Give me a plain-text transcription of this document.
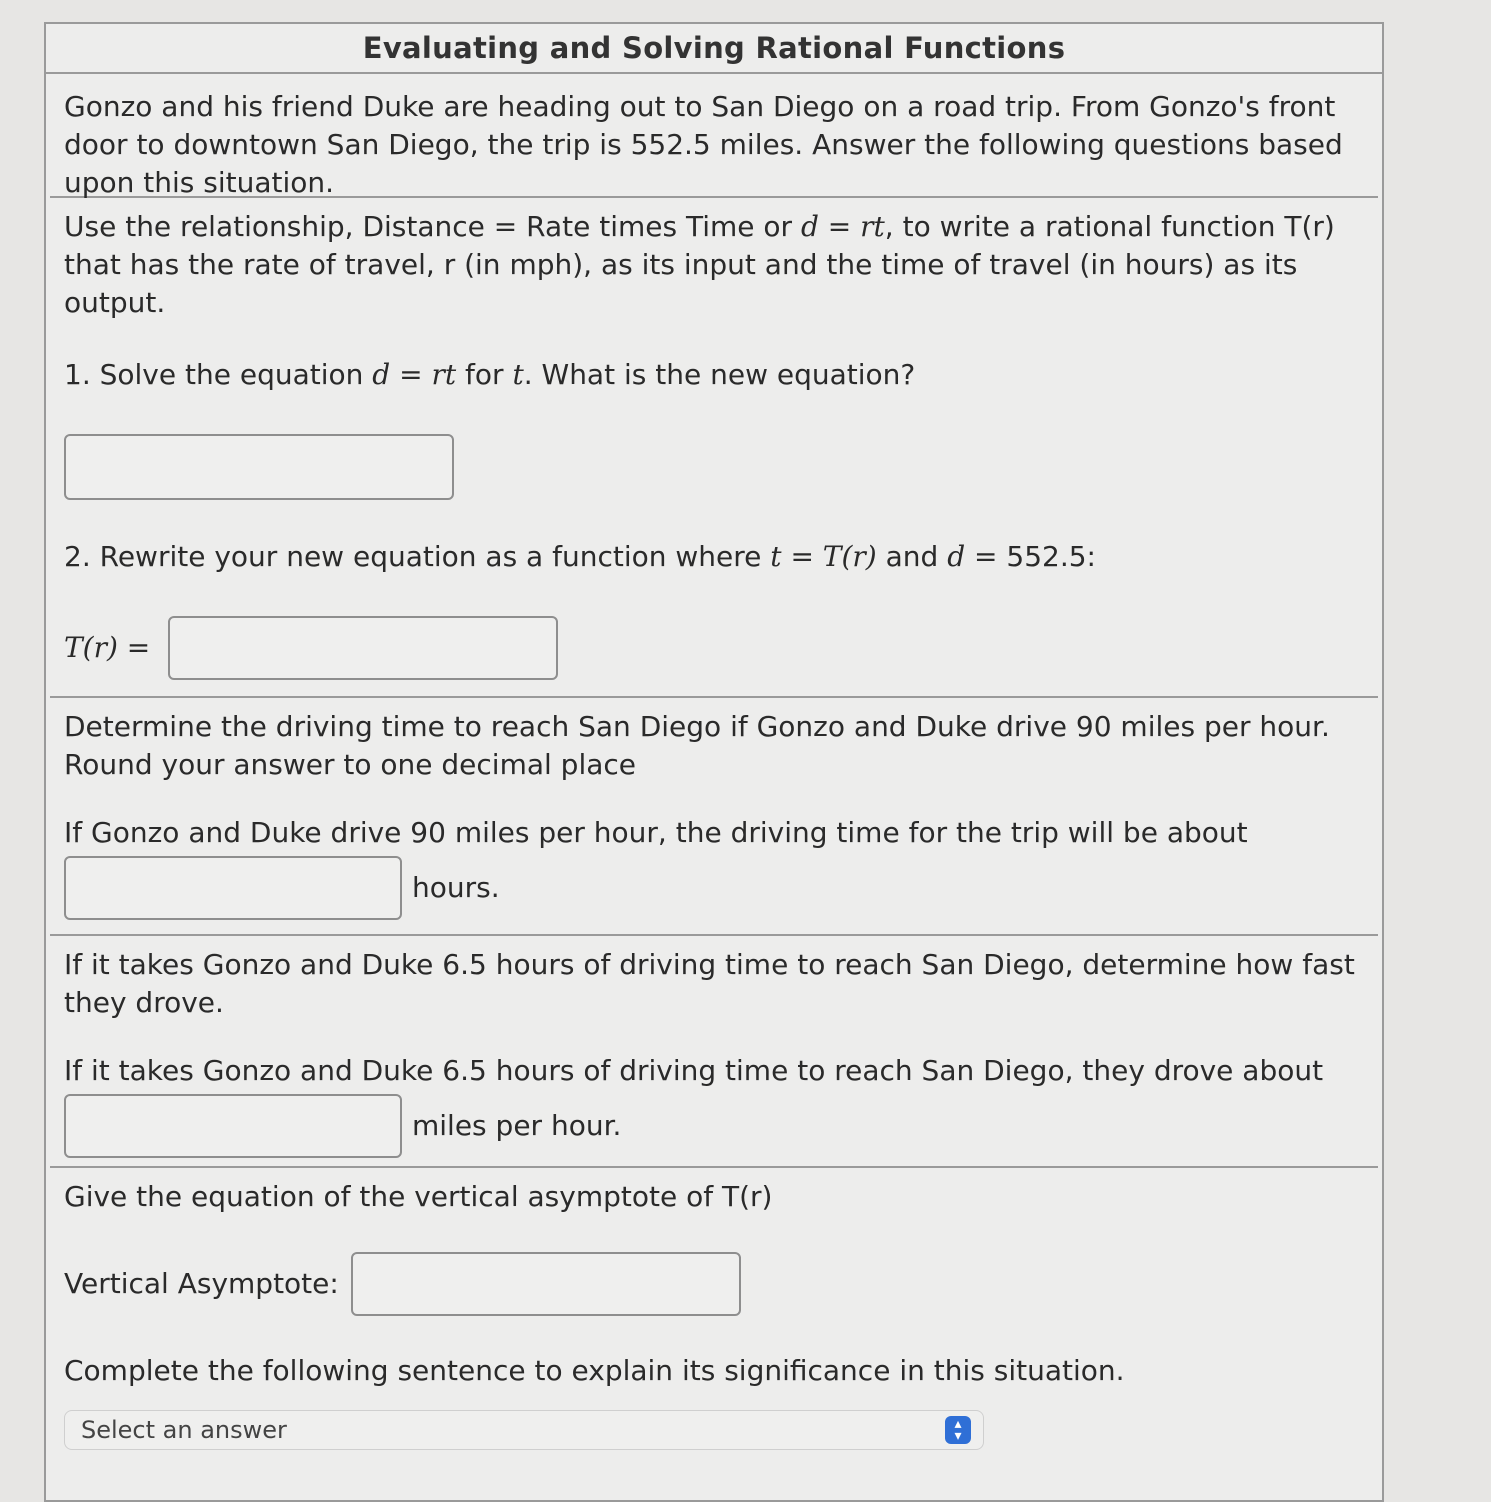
Evaluating and Solving Rational Functions

Gonzo and his friend Duke are heading out to San Diego on a road trip. From Gonzo's front door to downtown San Diego, the trip is 552.5 miles. Answer the following questions based upon this situation.

Use the relationship, Distance = Rate times Time or d = rt, to write a rational function T(r) that has the rate of travel, r (in mph), as its input and the time of travel (in hours) as its output.

1. Solve the equation d = rt for t. What is the new equation?

2. Rewrite your new equation as a function where t = T(r) and d = 552.5:

T(r) =

Determine the driving time to reach San Diego if Gonzo and Duke drive 90 miles per hour. Round your answer to one decimal place

If Gonzo and Duke drive 90 miles per hour, the driving time for the trip will be about

hours.

If it takes Gonzo and Duke 6.5 hours of driving time to reach San Diego, determine how fast they drove.

If it takes Gonzo and Duke 6.5 hours of driving time to reach San Diego, they drove about

miles per hour.

Give the equation of the vertical asymptote of T(r)

Vertical Asymptote:

Complete the following sentence to explain its significance in this situation.

Select an answer	▴
▾
